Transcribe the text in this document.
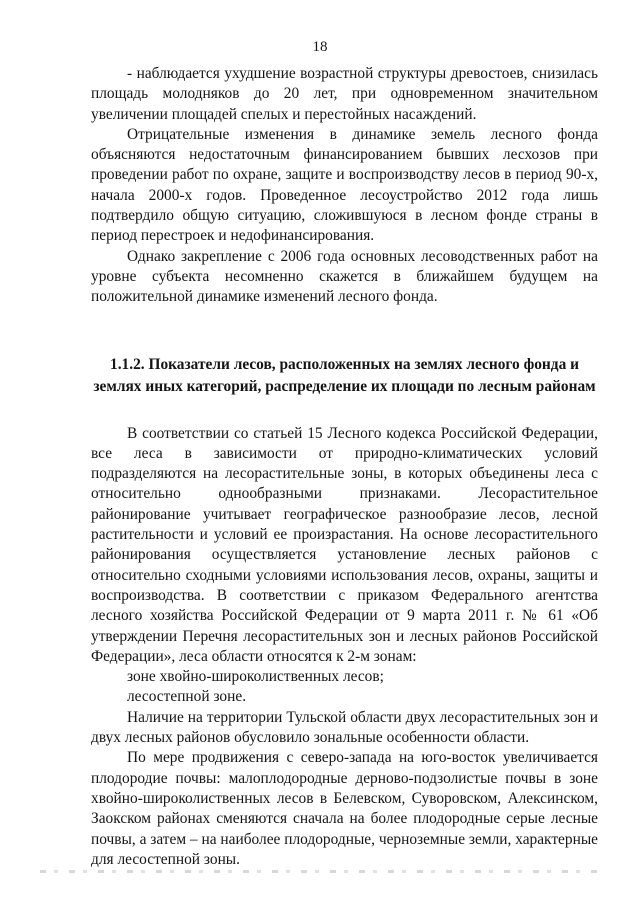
18

- наблюдается ухудшение возрастной структуры древостоев, снизилась площадь молодняков до 20 лет, при одновременном значительном увеличении площадей спелых и перестойных насаждений.

Отрицательные изменения в динамике земель лесного фонда объясняются недостаточным финансированием бывших лесхозов при проведении работ по охране, защите и воспроизводству лесов в период 90-х, начала 2000-х годов. Проведенное лесоустройство 2012 года лишь подтвердило общую ситуацию, сложившуюся в лесном фонде страны в период перестроек и недофинансирования.

Однако закрепление с 2006 года основных лесоводственных работ на уровне субъекта несомненно скажется в ближайшем будущем на положительной динамике изменений лесного фонда.

1.1.2. Показатели лесов, расположенных на землях лесного фонда и
землях иных категорий, распределение их площади по лесным районам

В соответствии со статьей 15 Лесного кодекса Российской Федерации, все леса в зависимости от природно-климатических условий подразделяются на лесорастительные зоны, в которых объединены леса с относительно однообразными признаками. Лесорастительное районирование учитывает географическое разнообразие лесов, лесной растительности и условий ее произрастания. На основе лесорастительного районирования осуществляется установление лесных районов с относительно сходными условиями использования лесов, охраны, защиты и воспроизводства. В соответствии с приказом Федерального агентства лесного хозяйства Российской Федерации от 9 марта 2011 г. № 61 «Об утверждении Перечня лесорастительных зон и лесных районов Российской Федерации», леса области относятся к 2-м зонам:

зоне хвойно-широколиственных лесов;
лесостепной зоне.

Наличие на территории Тульской области двух лесорастительных зон и двух лесных районов обусловило зональные особенности области.

По мере продвижения с северо-запада на юго-восток увеличивается плодородие почвы: малоплодородные дерново-подзолистые почвы в зоне хвойно-широколиственных лесов в Белевском, Суворовском, Алексинском, Заокском районах сменяются сначала на более плодородные серые лесные почвы, а затем – на наиболее плодородные, черноземные земли, характерные для лесостепной зоны.
